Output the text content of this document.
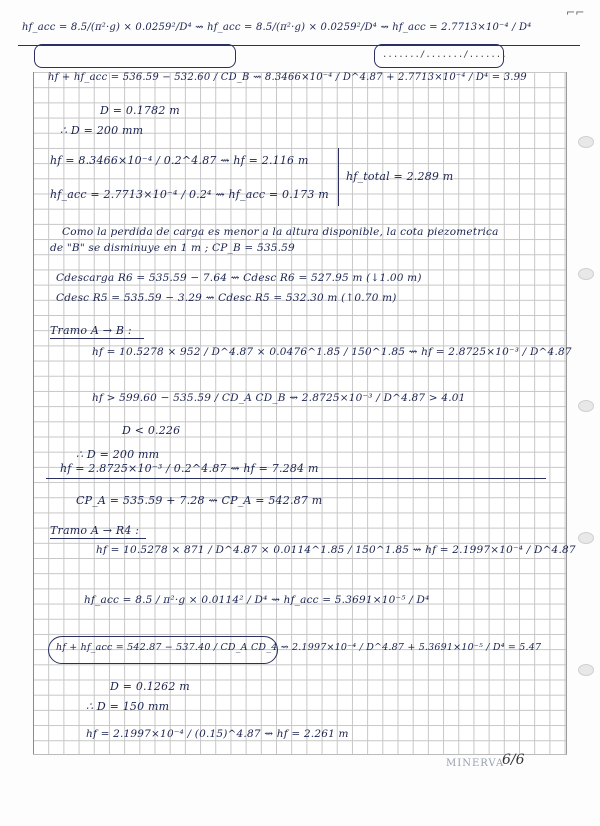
⌐⌐
hf_acc = 8.5/(π²·g) × 0.0259²/D⁴ ⇝ hf_acc = 8.5/(π²·g) × 0.0259²/D⁴ ⇝ hf_acc = 2.7713×10⁻⁴ / D⁴
......./......./.......
hf + hf_acc = 536.59 − 532.60 / CD_B ⇝ 8.3466×10⁻⁴ / D^4.87 + 2.7713×10⁻⁴ / D⁴ = 3.99
D = 0.1782 m
∴ D = 200 mm
hf = 8.3466×10⁻⁴ / 0.2^4.87 ⇝ hf = 2.116 m
hf_acc = 2.7713×10⁻⁴ / 0.2⁴ ⇝ hf_acc = 0.173 m
hf_total = 2.289 m
Como la perdida de carga es menor a la altura disponible, la cota piezometrica
de "B" se disminuye en 1 m ; CP_B = 535.59
Cdescarga R6 = 535.59 − 7.64 ⇝ Cdesc R6 = 527.95 m (↓1.00 m)
Cdesc R5 = 535.59 − 3.29 ⇝ Cdesc R5 = 532.30 m (↑0.70 m)
Tramo A → B :
hf = 10.5278 × 952 / D^4.87 × 0.0476^1.85 / 150^1.85 ⇝ hf = 2.8725×10⁻³ / D^4.87
hf > 599.60 − 535.59 / CD_A CD_B ⇝ 2.8725×10⁻³ / D^4.87 > 4.01
D < 0.226
∴ D = 200 mm
hf = 2.8725×10⁻³ / 0.2^4.87 ⇝ hf = 7.284 m
CP_A = 535.59 + 7.28 ⇝ CP_A = 542.87 m
Tramo A → R4 :
hf = 10.5278 × 871 / D^4.87 × 0.0114^1.85 / 150^1.85 ⇝ hf = 2.1997×10⁻⁴ / D^4.87
hf_acc = 8.5 / π²·g × 0.0114² / D⁴ ⇝ hf_acc = 5.3691×10⁻⁵ / D⁴
hf + hf_acc = 542.87 − 537.40 / CD_A CD_4 ⇝ 2.1997×10⁻⁴ / D^4.87 + 5.3691×10⁻⁵ / D⁴ = 5.47
D = 0.1262 m
∴ D = 150 mm
hf = 2.1997×10⁻⁴ / (0.15)^4.87 ⇝ hf = 2.261 m
MINERVA
6/6
